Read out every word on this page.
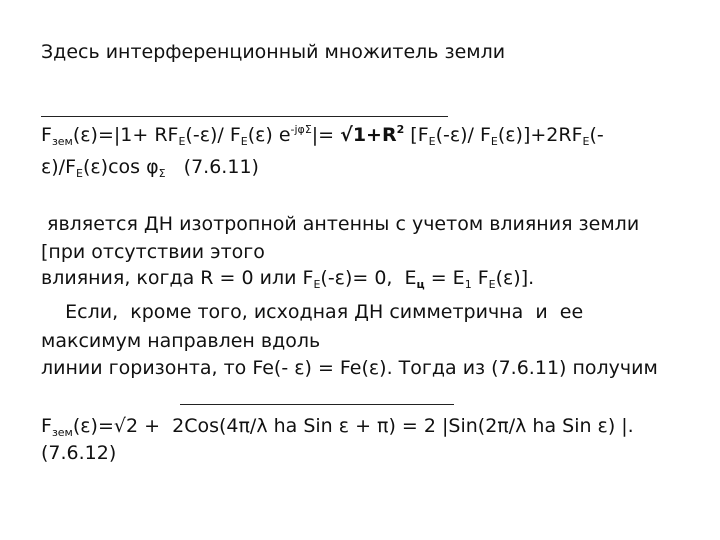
Здесь интерференционный множитель земли
$F_{зем}(\varepsilon)=|1+ RF_E(-\varepsilon)/$ $F_E(\varepsilon)$ $e^{-j\varphi\Sigma}|= √1+R^2$ [$F_E(-\varepsilon)/$ $F_E(\varepsilon)]+2RF_E(-$
$\varepsilon)/F_E(\varepsilon)\cos$ $\varphi_\Sigma$   (7.6.11)
является ДН изотропной антенны с учетом влияния земли
[при отсутствии этого
влияния, когда R = 0 или $F_E(-\varepsilon)= 0$,  $E_ц = E_1$ $F_E(\varepsilon)$].
Если,  кроме того, исходная ДН симметрична  и  ее
максимум направлен вдоль
линии горизонта, то Fe(- ε) = Fe(ε). Тогда из (7.6.11) получим
$F_{зем}(\varepsilon)=√2 + 2Cos(4\pi/\lambda$ ha Sin ε + π) = 2 |Sin(2π/λ ha Sin ε) |.
(7.6.12)
